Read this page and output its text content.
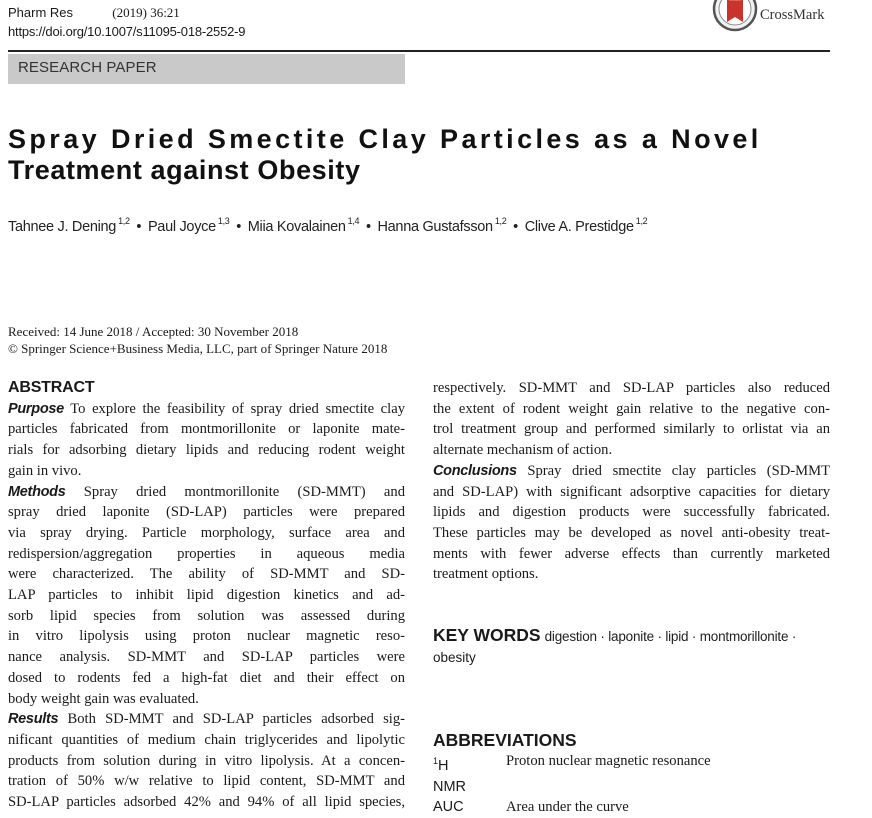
Pharm Res	(2019) 36:21
https://doi.org/10.1007/s11095-018-2552-9
CrossMark
RESEARCH PAPER
Spray Dried Smectite Clay Particles as a Novel
Treatment against Obesity
Tahnee J. Dening $^{1,2}$ • Paul Joyce $^{1,3}$ • Miia Kovalainen $^{1,4}$ • Hanna Gustafsson $^{1,2}$ • Clive A. Prestidge $^{1,2}$
Received: 14 June 2018 / Accepted: 30 November 2018
© Springer Science+Business Media, LLC, part of Springer Nature 2018
ABSTRACT
Purpose To explore the feasibility of spray dried smectite clay
particles fabricated from montmorillonite or laponite mate-
rials for adsorbing dietary lipids and reducing rodent weight
gain in vivo.
Methods Spray dried montmorillonite (SD-MMT) and
spray dried laponite (SD-LAP) particles were prepared
via spray drying. Particle morphology, surface area and
redispersion/aggregation properties in aqueous media
were characterized. The ability of SD-MMT and SD-
LAP particles to inhibit lipid digestion kinetics and ad-
sorb lipid species from solution was assessed during
in vitro lipolysis using proton nuclear magnetic reso-
nance analysis. SD-MMT and SD-LAP particles were
dosed to rodents fed a high-fat diet and their effect on
body weight gain was evaluated.
Results Both SD-MMT and SD-LAP particles adsorbed sig-
nificant quantities of medium chain triglycerides and lipolytic
products from solution during in vitro lipolysis. At a concen-
tration of 50% w/w relative to lipid content, SD-MMT and
SD-LAP particles adsorbed 42% and 94% of all lipid species,
respectively. SD-MMT and SD-LAP particles also reduced
the extent of rodent weight gain relative to the negative con-
trol treatment group and performed similarly to orlistat via an
alternate mechanism of action.
Conclusions Spray dried smectite clay particles (SD-MMT
and SD-LAP) with significant adsorptive capacities for dietary
lipids and digestion products were successfully fabricated.
These particles may be developed as novel anti-obesity treat-
ments with fewer adverse effects than currently marketed
treatment options.
KEY WORDS digestion · laponite · lipid · montmorillonite ·
obesity
ABBREVIATIONS
$^1$H	Proton nuclear magnetic resonance
NMR
AUC	Area under the curve
